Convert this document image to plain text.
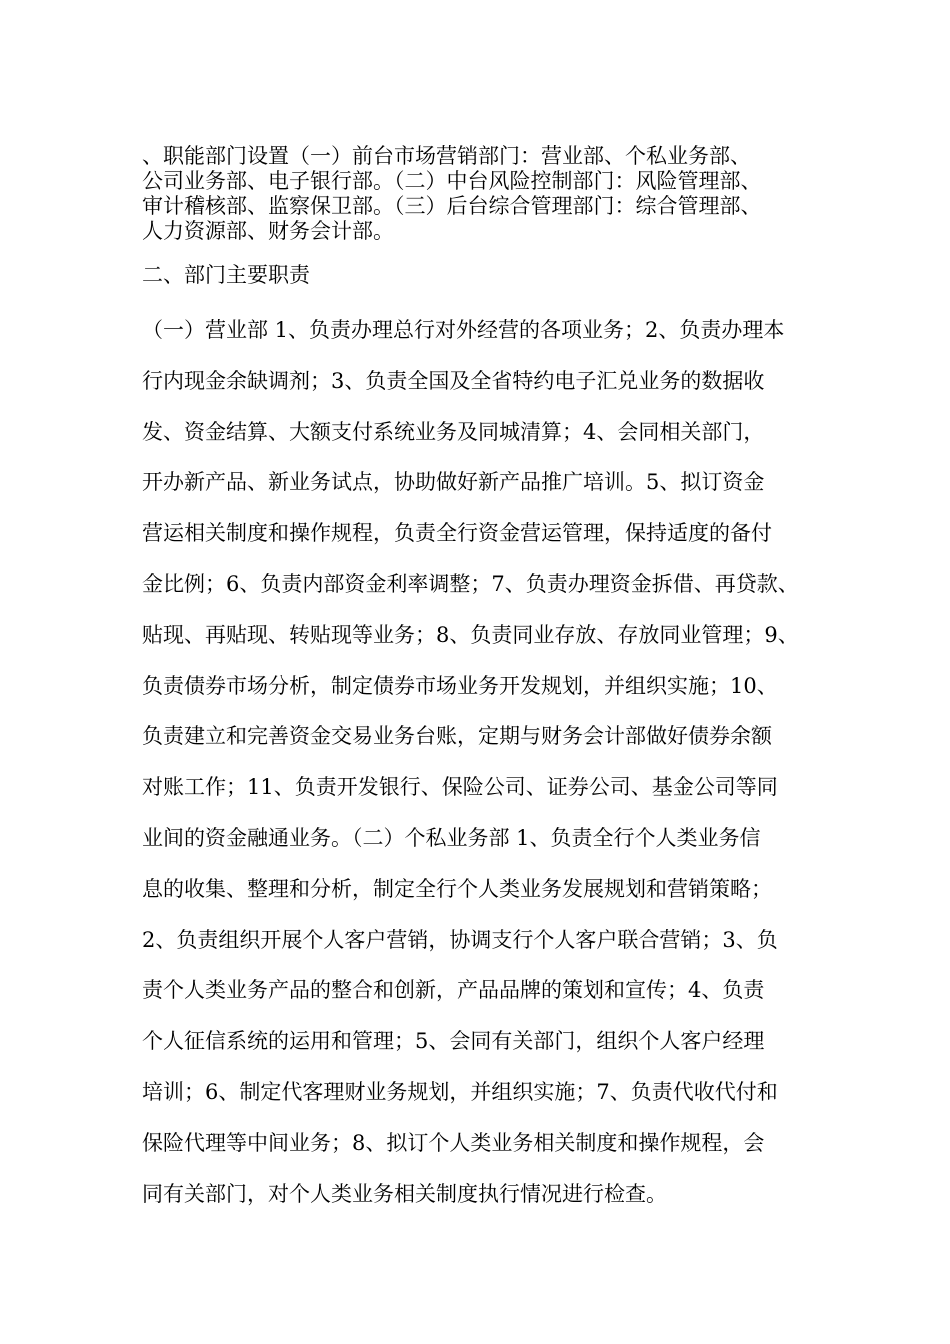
、职能部门设置（一）前台市场营销部门：营业部、个私业务部、
公司业务部、电子银行部。（二）中台风险控制部门：风险管理部、
审计稽核部、监察保卫部。（三）后台综合管理部门：综合管理部、
人力资源部、财务会计部。
二、部门主要职责
（一）营业部 1、负责办理总行对外经营的各项业务；2、负责办理本
行内现金余缺调剂；3、负责全国及全省特约电子汇兑业务的数据收
发、资金结算、大额支付系统业务及同城清算；4、会同相关部门，
开办新产品、新业务试点，协助做好新产品推广培训。5、拟订资金
营运相关制度和操作规程，负责全行资金营运管理，保持适度的备付
金比例；6、负责内部资金利率调整；7、负责办理资金拆借、再贷款、
贴现、再贴现、转贴现等业务；8、负责同业存放、存放同业管理；9、
负责债券市场分析，制定债券市场业务开发规划，并组织实施；10、
负责建立和完善资金交易业务台账，定期与财务会计部做好债券余额
对账工作；11、负责开发银行、保险公司、证券公司、基金公司等同
业间的资金融通业务。（二）个私业务部 1、负责全行个人类业务信
息的收集、整理和分析，制定全行个人类业务发展规划和营销策略；
2、负责组织开展个人客户营销，协调支行个人客户联合营销；3、负
责个人类业务产品的整合和创新，产品品牌的策划和宣传；4、负责
个人征信系统的运用和管理；5、会同有关部门，组织个人客户经理
培训；6、制定代客理财业务规划，并组织实施；7、负责代收代付和
保险代理等中间业务；8、拟订个人类业务相关制度和操作规程，会
同有关部门，对个人类业务相关制度执行情况进行检查。
